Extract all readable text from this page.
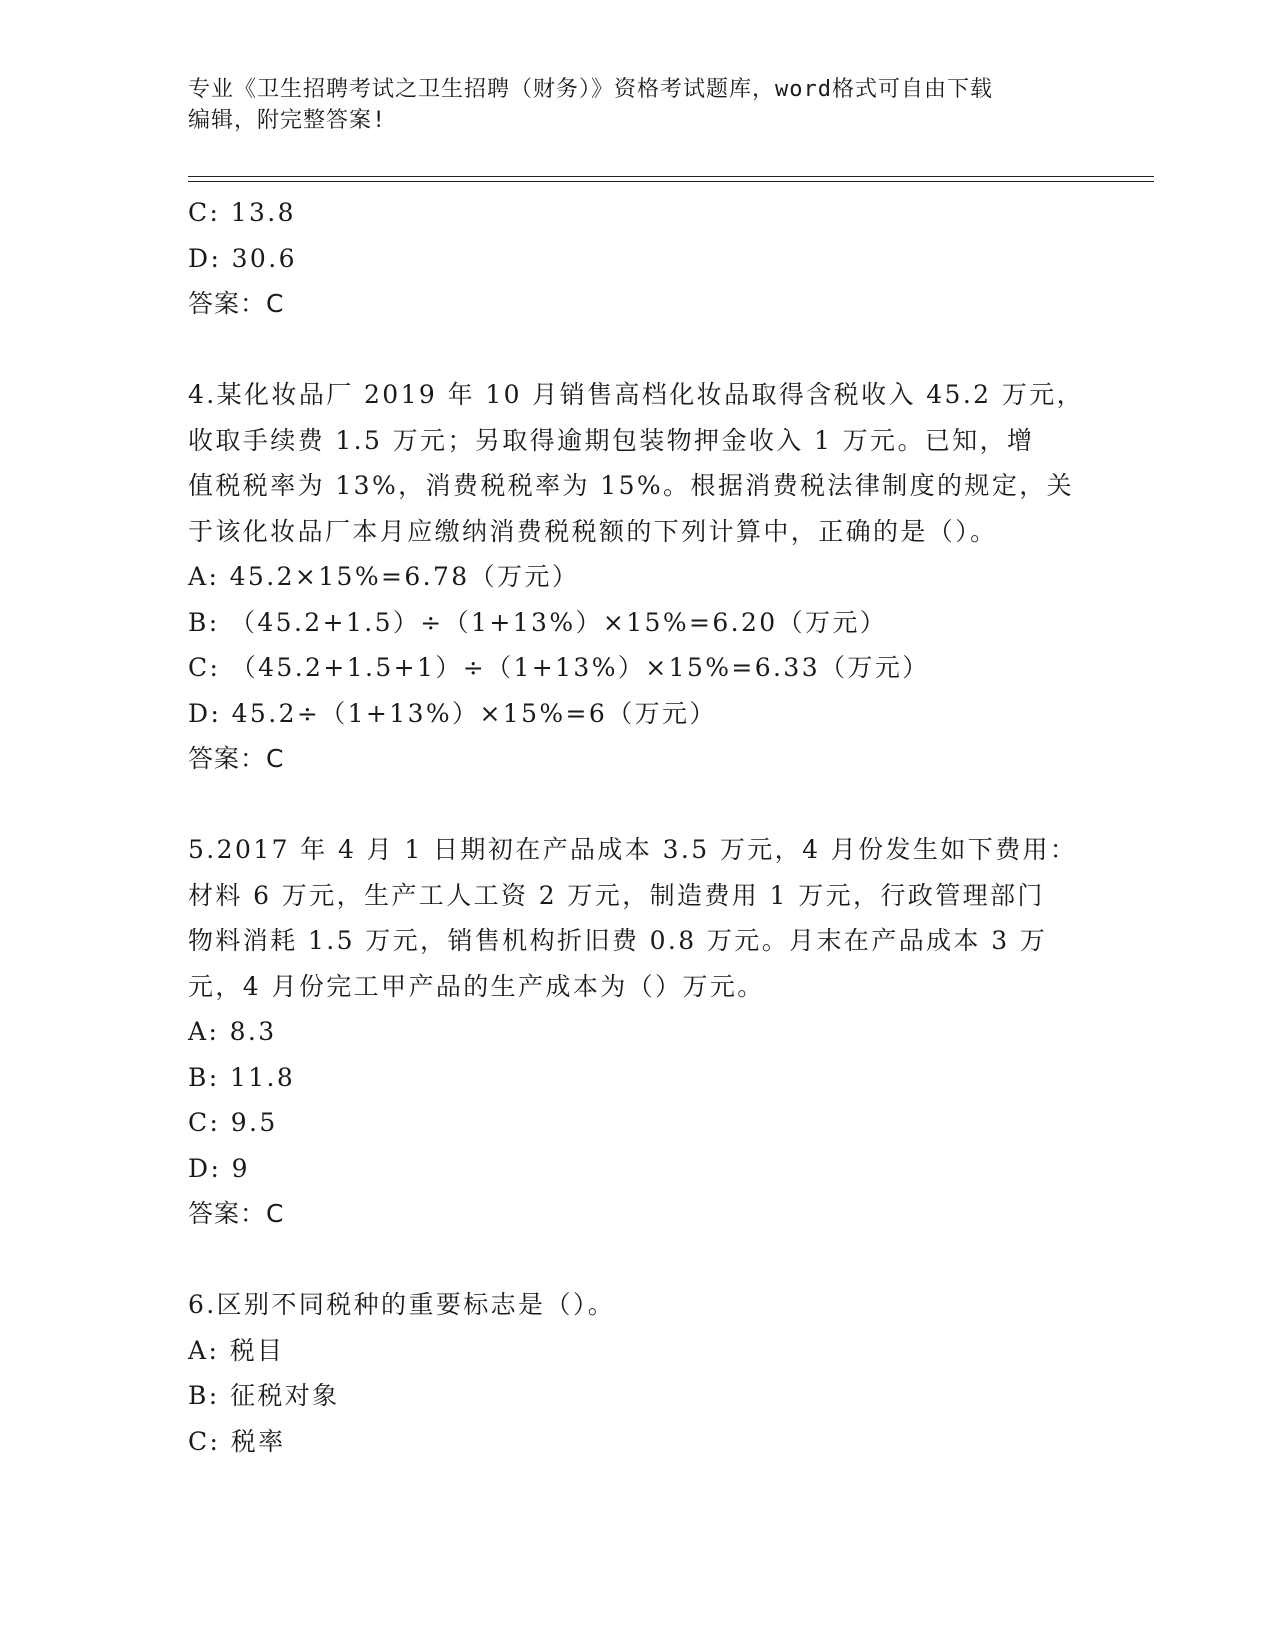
专业《卫生招聘考试之卫生招聘（财务）》资格考试题库，word格式可自由下载
编辑，附完整答案!
C: 13.8
D: 30.6
答案：C
4.某化妆品厂 2019 年 10 月销售高档化妆品取得含税收入 45.2 万元，
收取手续费 1.5 万元；另取得逾期包装物押金收入 1 万元。已知，增
值税税率为 13%，消费税税率为 15%。根据消费税法律制度的规定，关
于该化妆品厂本月应缴纳消费税税额的下列计算中，正确的是（）。
A: 45.2×15%=6.78（万元）
B: （45.2+1.5）÷（1+13%）×15%=6.20（万元）
C: （45.2+1.5+1）÷（1+13%）×15%=6.33（万元）
D: 45.2÷（1+13%）×15%=6（万元）
答案：C
5.2017 年 4 月 1 日期初在产品成本 3.5 万元，4 月份发生如下费用：
材料 6 万元，生产工人工资 2 万元，制造费用 1 万元，行政管理部门
物料消耗 1.5 万元，销售机构折旧费 0.8 万元。月末在产品成本 3 万
元，4 月份完工甲产品的生产成本为（）万元。
A: 8.3
B: 11.8
C: 9.5
D: 9
答案：C
6.区别不同税种的重要标志是（）。
A: 税目
B: 征税对象
C: 税率
